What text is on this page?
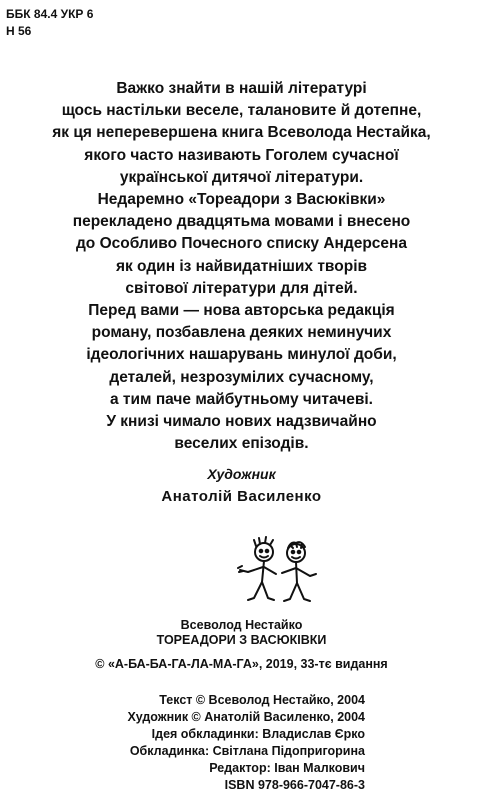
ББК 84.4 УКР 6
Н 56
Важко знайти в нашій літературі
щось настільки веселе, талановите й дотепне,
як ця неперевершена книга Всеволода Нестайка,
якого часто називають Гоголем сучасної
української дитячої літератури.
Недаремно «Тореадори з Васюківки»
перекладено двадцятьма мовами і внесено
до Особливо Почесного списку Андерсена
як один із найвидатніших творів
світової літератури для дітей.
Перед вами — нова авторська редакція
роману, позбавлена деяких неминучих
ідеологічних нашарувань минулої доби,
деталей, незрозумілих сучасному,
а тим паче майбутньому читачеві.
У книзі чимало нових надзвичайно
веселих епізодів.
Художник
Анатолій Василенко
Всеволод Нестайко
ТОРЕАДОРИ З ВАСЮКІВКИ
© «А-БА-БА-ГА-ЛА-МА-ГА», 2019, 33-тє видання
Текст © Всеволод Нестайко, 2004
Художник © Анатолій Василенко, 2004
Ідея обкладинки: Владислав Єрко
Обкладинка: Світлана Підопригорина
Редактор: Іван Малкович
ISBN 978-966-7047-86-3
